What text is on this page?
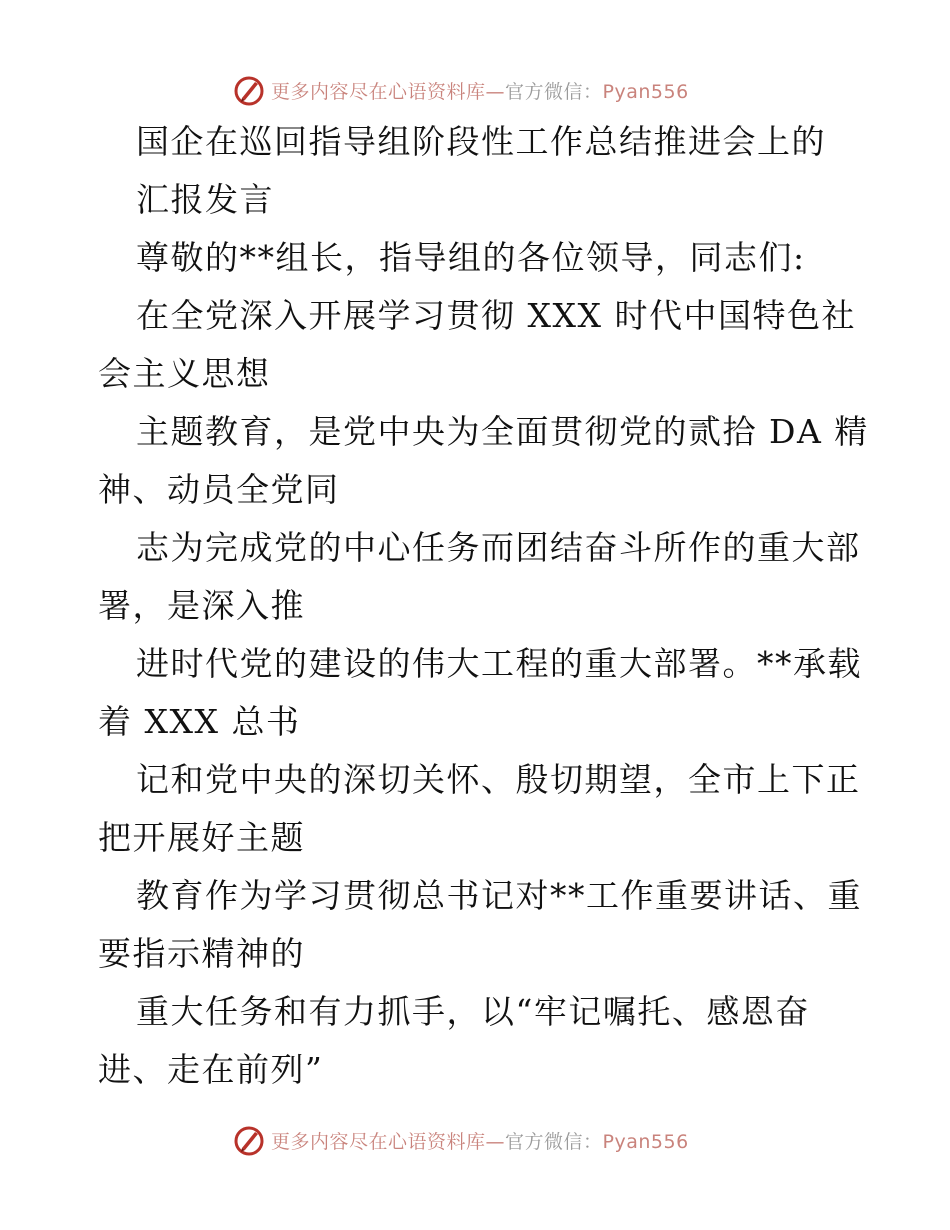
更多内容尽在心语资料库—官方微信：Pyan556
国企在巡回指导组阶段性工作总结推进会上的
汇报发言
尊敬的**组长，指导组的各位领导，同志们:
在全党深入开展学习贯彻 XXX 时代中国特色社
会主义思想
主题教育，是党中央为全面贯彻党的贰拾 DA 精
神、动员全党同
志为完成党的中心任务而团结奋斗所作的重大部
署，是深入推
进时代党的建设的伟大工程的重大部署。**承载
着 XXX 总书
记和党中央的深切关怀、殷切期望，全市上下正
把开展好主题
教育作为学习贯彻总书记对**工作重要讲话、重
要指示精神的
重大任务和有力抓手，以“牢记嘱托、感恩奋
进、走在前列”
更多内容尽在心语资料库—官方微信：Pyan556
